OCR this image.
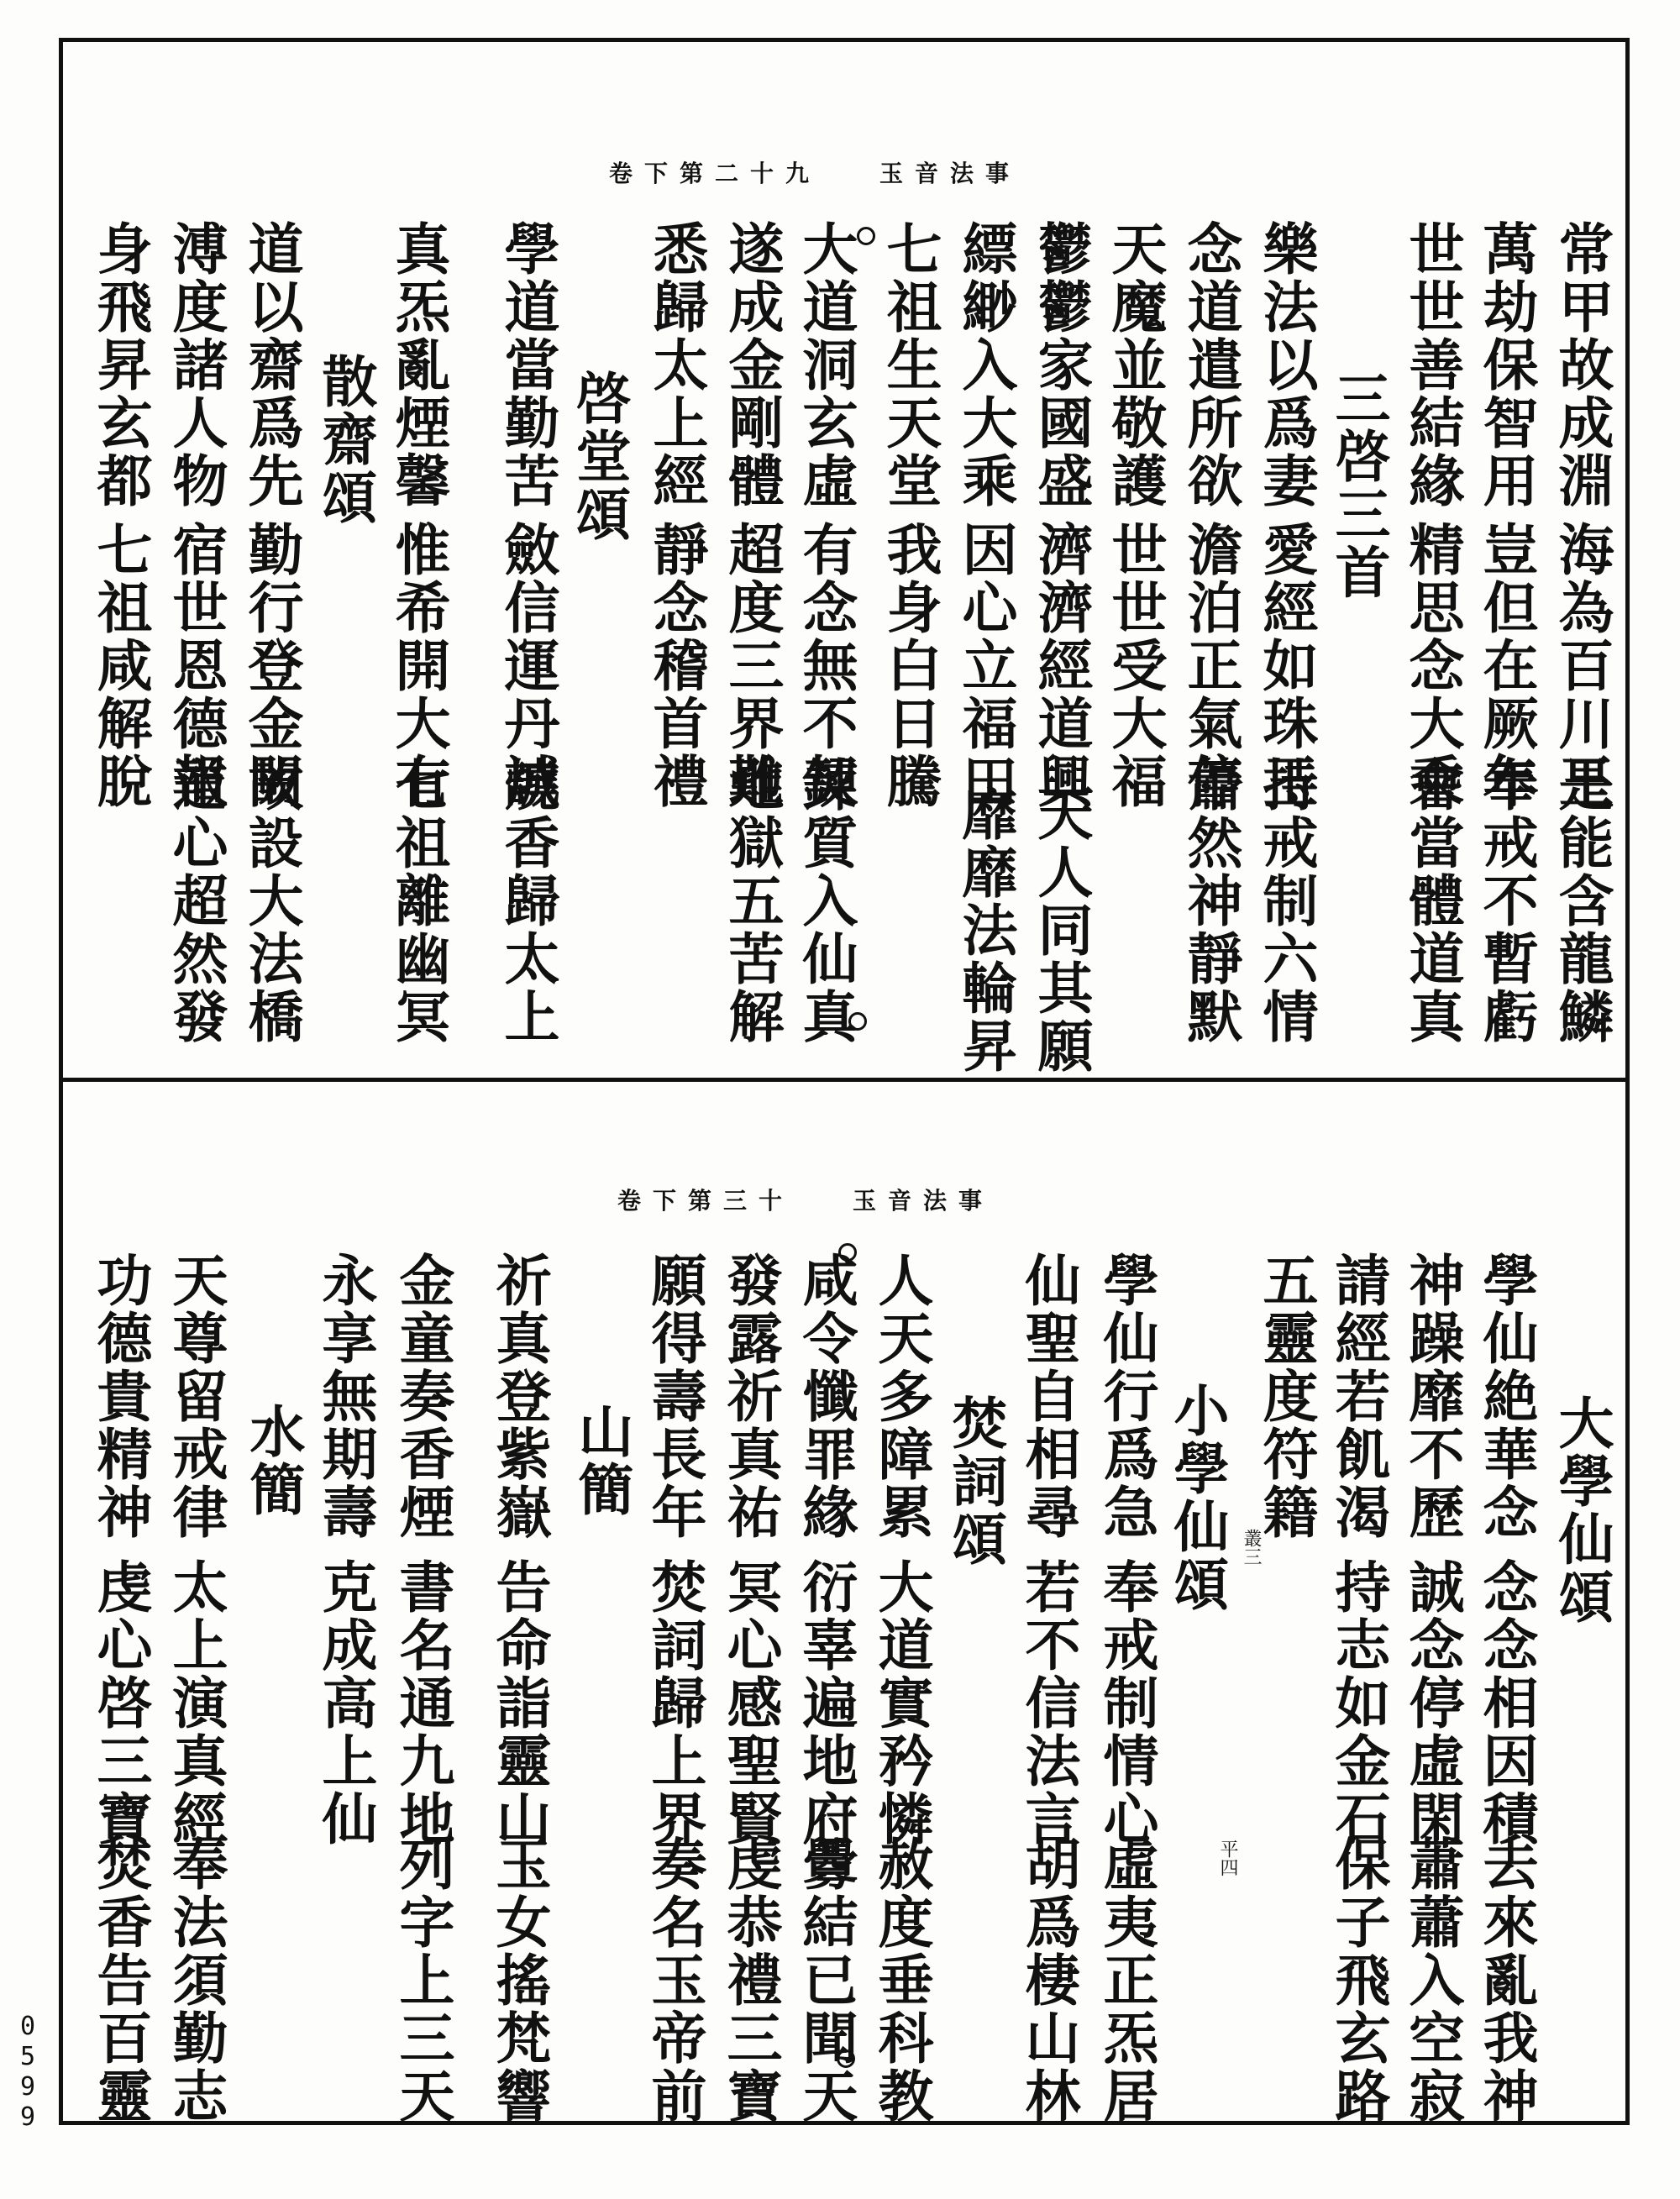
卷下第二十九	玉音法事
常甲故成淵
海為百川王
是能含龍鱗
萬劫保智用
豈但在厥年
奉戒不暫虧
世世善結緣
精思念大乘
會當體道真
三啓三首
樂法以爲妻
愛經如珠玉
持戒制六情
念道遣所欲
澹泊正氣停
蕭然神靜默
天魔並敬護
世世受大福
天人同其願
鬱鬱家國盛
濟濟經道興
縹緲入大乘
因心立福田
靡靡法輪昇
七祖生天堂
我身白日騰
大道洞玄虛
有念無不契
鍊質入仙真
遂成金剛體
超度三界難
地獄五苦解
悉歸太上經
靜念稽首禮
啓堂頌
學道當勤苦
斂信運丹誠
燒香歸太上
真炁亂煙馨
惟希開大有
七祖離幽冥
散齋頌
道以齋爲先
勤行登金闕
故設大法橋
溥度諸人物
宿世恩德報
道心超然發
身飛昇玄都
七祖咸解脫
卷下第三十	玉音法事
大學仙頌
學仙絶華念
念念相因積
去來亂我神
神躁靡不歷
誠念停虛閑
蕭蕭入空寂
請經若飢渴
持志如金石
保子飛玄路
五靈度符籍
叢三
平四
小學仙頌
學仙行爲急
奉戒制情心
虛夷正炁居
仙聖自相尋
若不信法言
胡爲棲山林
焚詞頌
人天多障累
大道實矜憐
赦度垂科教
咸令懺罪緣
衍辜遍地府
釁結已聞天
發露祈真祐
冥心感聖賢
虔恭禮三寶
願得壽長年
焚詞歸上界
奏名玉帝前
山簡
祈真登紫嶽
告命詣靈山
玉女搖梵響
金童奏香煙
書名通九地
列字上三天
永享無期壽
克成高上仙
水簡
天尊留戒律
太上演真經
奉法須勤志
功德貴精神
虔心啓三寶
焚香告百靈
0
5
9
9
